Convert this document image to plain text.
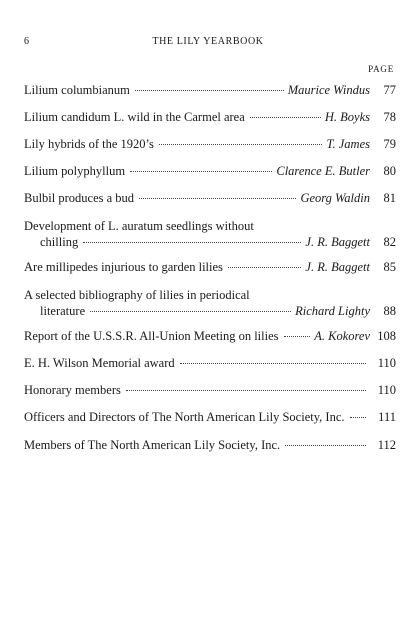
6	THE LILY YEARBOOK
PAGE
Lilium columbianum	Maurice Windus	77
Lilium candidum L. wild in the Carmel area	H. Boyks	78
Lily hybrids of the 1920’s	T. James	79
Lilium polyphyllum	Clarence E. Butler	80
Bulbil produces a bud	Georg Waldin	81
Development of L. auratum seedlings without
chilling	J. R. Baggett	82
Are millipedes injurious to garden lilies	J. R. Baggett	85
A selected bibliography of lilies in periodical
literature	Richard Lighty	88
Report of the U.S.S.R. All-Union Meeting on lilies	A. Kokorev 108
E. H. Wilson Memorial award	110
Honorary members	110
Officers and Directors of The North American Lily Society, Inc.	111
Members of The North American Lily Society, Inc.	112
